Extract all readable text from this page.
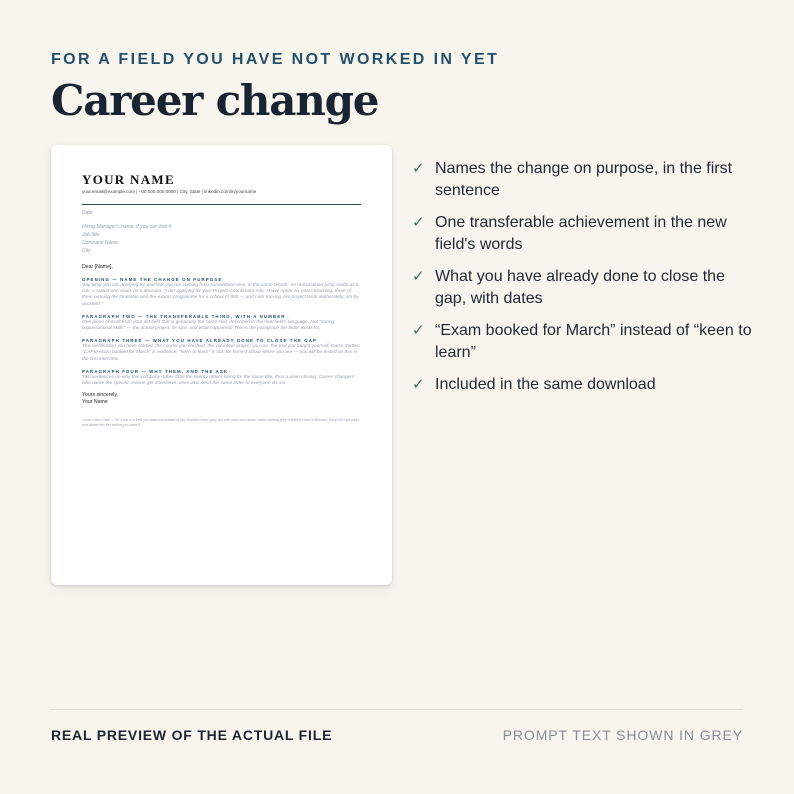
FOR A FIELD YOU HAVE NOT WORKED IN YET
Career change
YOUR NAME
your.email@example.com | +00 000 000 0000 | City, State | linkedin.com/in/yourname
Date
Hiring Manager's name, if you can find it
Job title
Company Name
City
Dear [Name],
OPENING — NAME THE CHANGE ON PURPOSE
Say what you are applying for and that you are coming from somewhere else, in the same breath. An unexplained jump reads as a risk; a stated one reads as a decision. "I am applying for your Project Coordinator role. I have spent six years teaching, three of them running the timetable and the exams programme for a school of 900 — and I am moving into project work deliberately, not by accident."
PARAGRAPH TWO — THE TRANSFERABLE THING, WITH A NUMBER
One piece of work from your old field that is genuinely the same skill, described in the new field's language. Not "strong organisational skills" — the actual project, its size, and what happened. This is the paragraph the letter exists for.
PARAGRAPH THREE — WHAT YOU HAVE ALREADY DONE TO CLOSE THE GAP
The certification you have started, the course you finished, the volunteer project you ran, the tool you taught yourself. Dates matter: "CAPM exam booked for March" is evidence, "keen to learn" is not. Be honest about where you are — you will be tested on this in the first interview.
PARAGRAPH FOUR — WHY THEM, AND THE ASK
Two sentences on why this company rather than the twenty others hiring for the same title, then a plain closing. Career changers who name the specific reason get interviews; ones who send the same letter to everyone do not.
Yours sincerely,
Your Name
Cover Letter Pack — for a job in a field you have not worked in yet. Replace every grey line with your own words; when nothing grey is left the letter is finished. Keep it to one page and delete this line before you send it.
✓ Names the change on purpose, in the first sentence
✓ One transferable achievement in the new field's words
✓ What you have already done to close the gap, with dates
✓ “Exam booked for March” instead of “keen to learn”
✓ Included in the same download
REAL PREVIEW OF THE ACTUAL FILE	PROMPT TEXT SHOWN IN GREY
